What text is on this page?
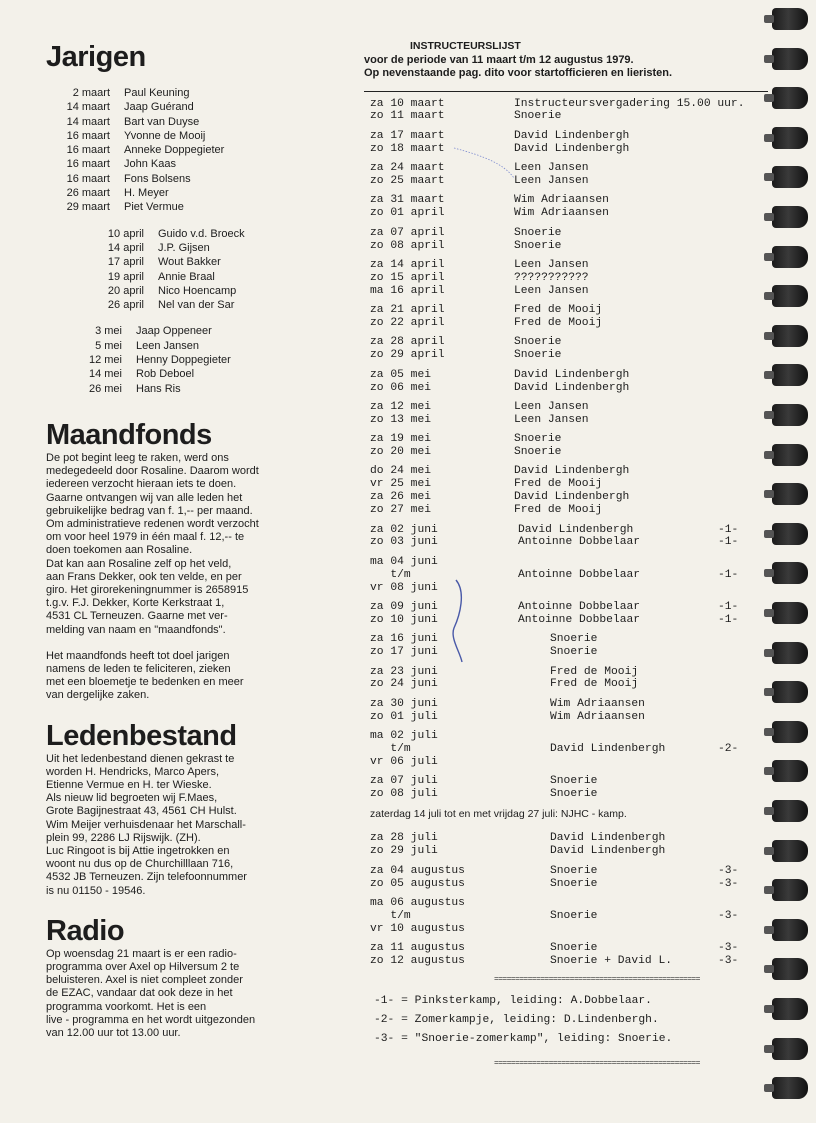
Jarigen
2 maart	Paul Keuning
14 maart	Jaap Guérand
14 maart	Bart van Duyse
16 maart	Yvonne de Mooij
16 maart	Anneke Doppegieter
16 maart	John Kaas
16 maart	Fons Bolsens
26 maart	H. Meyer
29 maart	Piet Vermue
10 april	Guido v.d. Broeck
14 april	J.P. Gijsen
17 april	Wout Bakker
19 april	Annie Braal
20 april	Nico Hoencamp
26 april	Nel van der Sar
3 mei	Jaap Oppeneer
5 mei	Leen Jansen
12 mei	Henny Doppegieter
14 mei	Rob Deboel
26 mei	Hans Ris
Maandfonds
De pot begint leeg te raken, werd ons
medegedeeld door Rosaline. Daarom wordt
iedereen verzocht hieraan iets te doen.
Gaarne ontvangen wij van alle leden het
gebruikelijke bedrag van f. 1,-- per maand.
Om administratieve redenen wordt verzocht
om voor heel 1979 in één maal f. 12,-- te
doen toekomen aan Rosaline.
Dat kan aan Rosaline zelf op het veld,
aan Frans Dekker, ook ten velde, en per
giro. Het girorekeningnummer is 2658915
t.g.v. F.J. Dekker, Korte Kerkstraat 1,
4531 CL Terneuzen. Gaarne met ver-
melding van naam en "maandfonds".
Het maandfonds heeft tot doel jarigen
namens de leden te feliciteren, zieken
met een bloemetje te bedenken en meer
van dergelijke zaken.
Ledenbestand
Uit het ledenbestand dienen gekrast te
worden H. Hendricks, Marco Apers,
Etienne Vermue en H. ter Wieske.
Als nieuw lid begroeten wij F.Maes,
Grote Bagijnestraat 43, 4561 CH Hulst.
Wim Meijer verhuisdenaar het Marschall-
plein 99, 2286 LJ Rijswijk. (ZH).
Luc Ringoot is bij Attie ingetrokken en
woont nu dus op de Churchilllaan 716,
4532 JB Terneuzen. Zijn telefoonnummer
is nu 01150 - 19546.
Radio
Op woensdag 21 maart is er een radio-
programma over Axel op Hilversum 2 te
beluisteren. Axel is niet compleet zonder
de EZAC, vandaar dat ook deze in het
programma voorkomt. Het is een
live - programma en het wordt uitgezonden
van 12.00 uur tot 13.00 uur.
INSTRUCTEURSLIJST
voor de periode van 11 maart t/m 12 augustus 1979.
Op nevenstaande pag. dito voor startofficieren en lieristen.
za 10 maart	Instructeursvergadering 15.00 uur.
zo 11 maart	Snoerie
za 17 maart	David Lindenbergh
zo 18 maart	David Lindenbergh
za 24 maart	Leen Jansen
zo 25 maart	Leen Jansen
za 31 maart	Wim Adriaansen
zo 01 april	Wim Adriaansen
za 07 april	Snoerie
zo 08 april	Snoerie
za 14 april	Leen Jansen
zo 15 april	???????????
ma 16 april	Leen Jansen
za 21 april	Fred de Mooij
zo 22 april	Fred de Mooij
za 28 april	Snoerie
zo 29 april	Snoerie
za 05 mei	David Lindenbergh
zo 06 mei	David Lindenbergh
za 12 mei	Leen Jansen
zo 13 mei	Leen Jansen
za 19 mei	Snoerie
zo 20 mei	Snoerie
do 24 mei	David Lindenbergh
vr 25 mei	Fred de Mooij
za 26 mei	David Lindenbergh
zo 27 mei	Fred de Mooij
za 02 juni	David Lindenbergh	-1-
zo 03 juni	Antoinne Dobbelaar	-1-
ma 04 juni
t/m	Antoinne Dobbelaar	-1-
vr 08 juni
za 09 juni	Antoinne Dobbelaar	-1-
zo 10 juni	Antoinne Dobbelaar	-1-
za 16 juni	Snoerie
zo 17 juni	Snoerie
za 23 juni	Fred de Mooij
zo 24 juni	Fred de Mooij
za 30 juni	Wim Adriaansen
zo 01 juli	Wim Adriaansen
ma 02 juli
t/m	David Lindenbergh	-2-
vr 06 juli
za 07 juli	Snoerie
zo 08 juli	Snoerie
zaterdag 14 juli tot en met vrijdag 27 juli: NJHC - kamp.
za 28 juli	David Lindenbergh
zo 29 juli	David Lindenbergh
za 04 augustus	Snoerie	-3-
zo 05 augustus	Snoerie	-3-
ma 06 augustus
t/m	Snoerie	-3-
vr 10 augustus
za 11 augustus	Snoerie	-3-
zo 12 augustus	Snoerie + David L.	-3-
=================================================
-1- = Pinksterkamp, leiding: A.Dobbelaar.
-2- = Zomerkampje, leiding: D.Lindenbergh.
-3- = "Snoerie-zomerkamp", leiding: Snoerie.
=================================================
